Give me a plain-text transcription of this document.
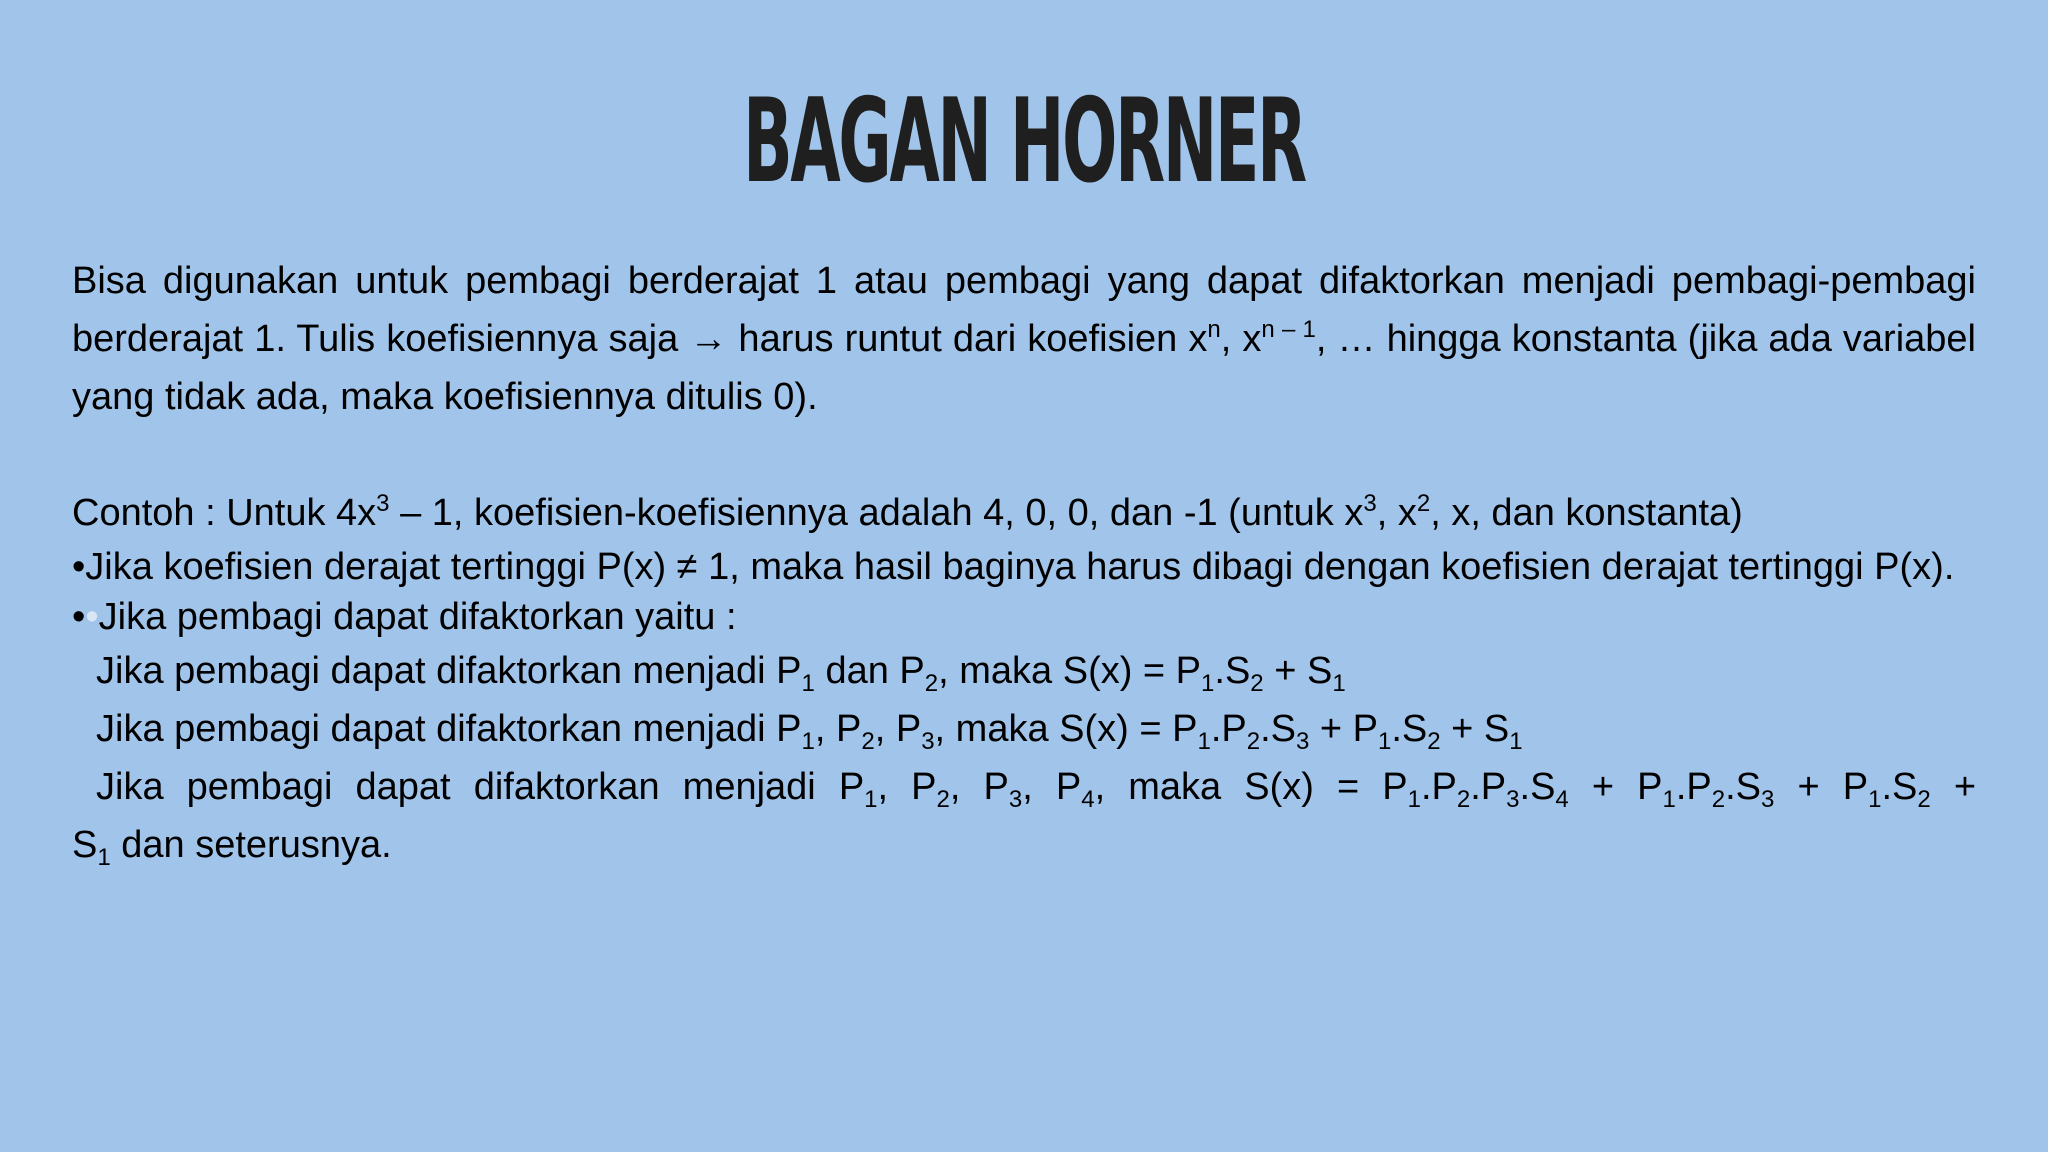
BAGAN HORNER

Bisa digunakan untuk pembagi berderajat 1 atau pembagi yang dapat difaktorkan menjadi pembagi-pembagi berderajat 1. Tulis koefisiennya saja → harus runtut dari koefisien $x^n$, $x^{n - 1}$, … hingga konstanta (jika ada variabel yang tidak ada, maka koefisiennya ditulis 0).

Contoh : Untuk $4x^3 - 1$, koefisien-koefisiennya adalah 4, 0, 0, dan -1 (untuk $x^3$, $x^2$, x, dan konstanta)

•Jika koefisien derajat tertinggi P(x) ≠ 1, maka hasil baginya harus dibagi dengan koefisien derajat tertinggi P(x).

••Jika pembagi dapat difaktorkan yaitu :

Jika pembagi dapat difaktorkan menjadi $P_1$ dan $P_2$, maka $S(x) = P_1.S_2 + S_1$

Jika pembagi dapat difaktorkan menjadi $P_1$, $P_2$, $P_3$, maka $S(x) = P_1.P_2.S_3 + P_1.S_2 + S_1$

Jika pembagi dapat difaktorkan menjadi $P_1$, $P_2$, $P_3$, $P_4$, maka $S(x) = P_1.P_2.P_3.S_4 + P_1.P_2.S_3 + P_1.S_2$ +

$S_1$ dan seterusnya.
